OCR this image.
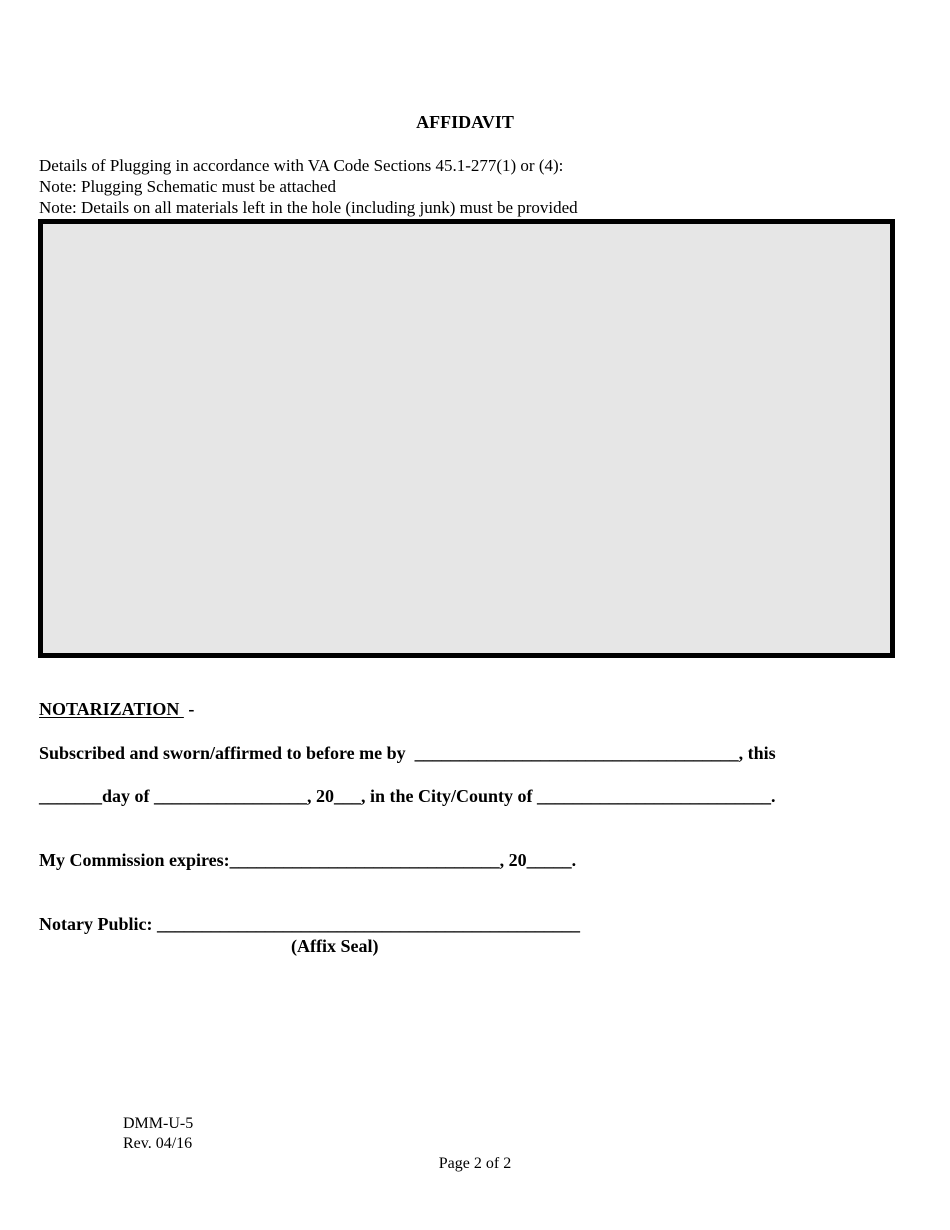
AFFIDAVIT
Details of Plugging in accordance with VA Code Sections 45.1-277(1) or (4):
Note: Plugging Schematic must be attached
Note: Details on all materials left in the hole (including junk) must be provided
NOTARIZATION  -
Subscribed and sworn/affirmed to before me by  ____________________________________, this
_______day of _________________, 20___, in the City/County of __________________________.
My Commission expires:______________________________, 20_____.
Notary Public: _______________________________________________
(Affix Seal)
DMM-U-5
Rev. 04/16
Page 2 of 2
